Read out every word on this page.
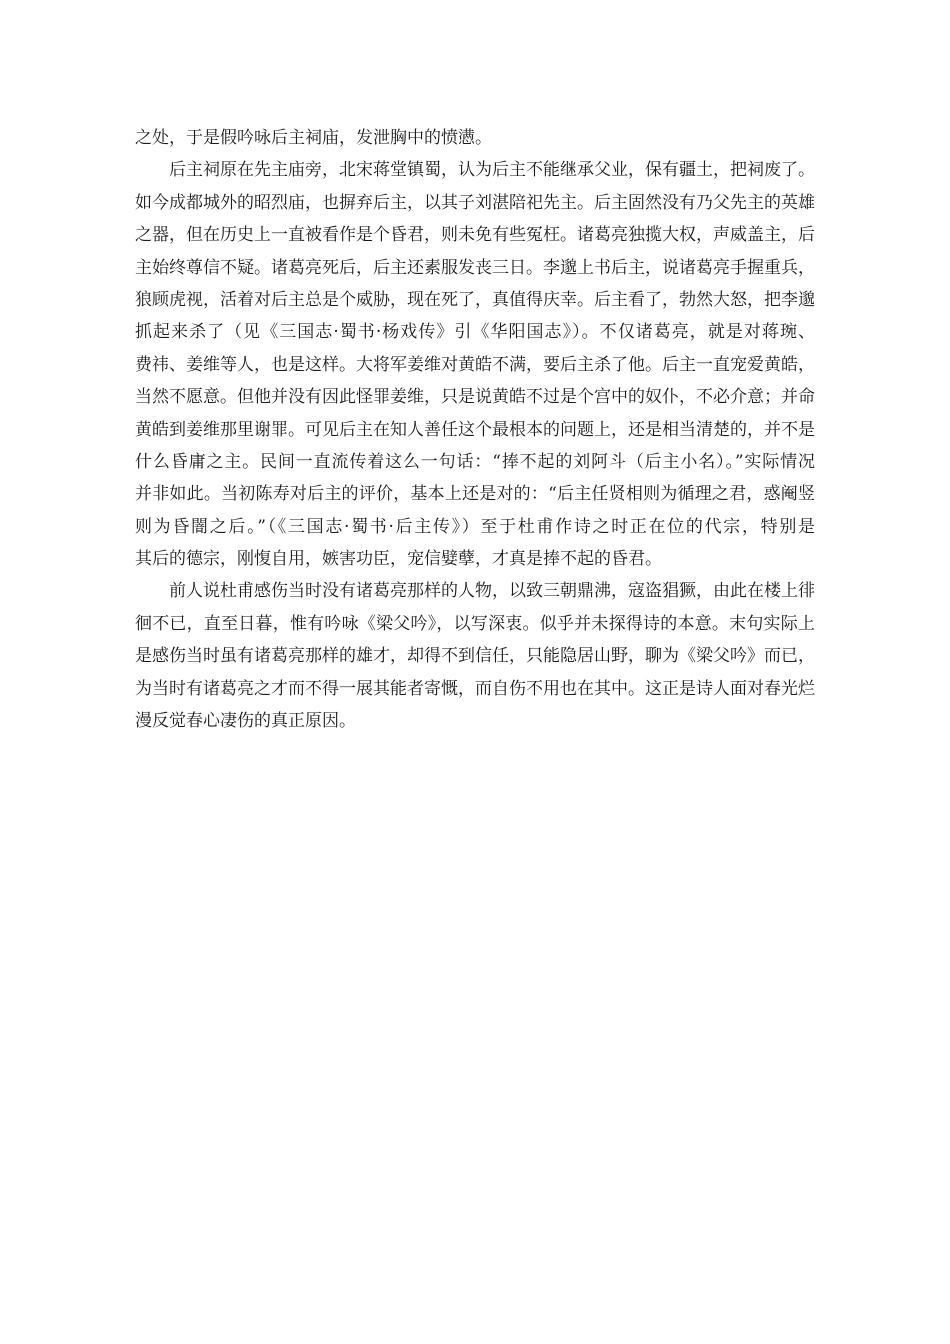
之处，于是假吟咏后主祠庙，发泄胸中的愤懑。
后主祠原在先主庙旁，北宋蒋堂镇蜀，认为后主不能继承父业，保有疆土，把祠废了。
如今成都城外的昭烈庙，也摒弃后主，以其子刘湛陪祀先主。后主固然没有乃父先主的英雄
之器，但在历史上一直被看作是个昏君，则未免有些冤枉。诸葛亮独揽大权，声威盖主，后
主始终尊信不疑。诸葛亮死后，后主还素服发丧三日。李邈上书后主，说诸葛亮手握重兵，
狼顾虎视，活着对后主总是个威胁，现在死了，真值得庆幸。后主看了，勃然大怒，把李邈
抓起来杀了（见《三国志·蜀书·杨戏传》引《华阳国志》）。不仅诸葛亮，就是对蒋琬、
费祎、姜维等人，也是这样。大将军姜维对黄皓不满，要后主杀了他。后主一直宠爱黄皓，
当然不愿意。但他并没有因此怪罪姜维，只是说黄皓不过是个宫中的奴仆，不必介意；并命
黄皓到姜维那里谢罪。可见后主在知人善任这个最根本的问题上，还是相当清楚的，并不是
什么昏庸之主。民间一直流传着这么一句话：“捧不起的刘阿斗（后主小名）。”实际情况
并非如此。当初陈寿对后主的评价，基本上还是对的：“后主任贤相则为循理之君，惑阉竖
则为昏闇之后。”（《三国志·蜀书·后主传》）至于杜甫作诗之时正在位的代宗，特别是
其后的德宗，刚愎自用，嫉害功臣，宠信嬖孽，才真是捧不起的昏君。
前人说杜甫感伤当时没有诸葛亮那样的人物，以致三朝鼎沸，寇盗猖獗，由此在楼上徘
徊不已，直至日暮，惟有吟咏《梁父吟》，以写深衷。似乎并未探得诗的本意。末句实际上
是感伤当时虽有诸葛亮那样的雄才，却得不到信任，只能隐居山野，聊为《梁父吟》而已，
为当时有诸葛亮之才而不得一展其能者寄慨，而自伤不用也在其中。这正是诗人面对春光烂
漫反觉春心凄伤的真正原因。
